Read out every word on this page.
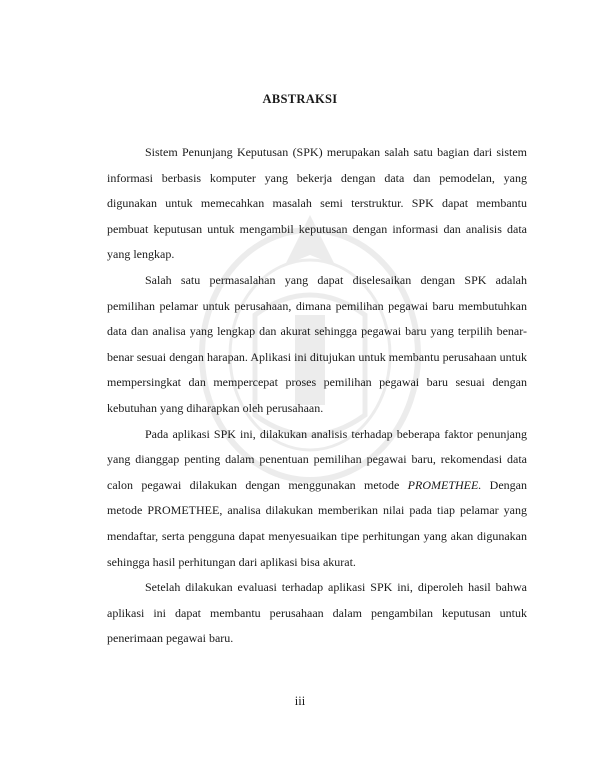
ABSTRAKSI

Sistem Penunjang Keputusan (SPK) merupakan salah satu bagian dari sistem informasi berbasis komputer yang bekerja dengan data dan pemodelan, yang digunakan untuk memecahkan masalah semi terstruktur. SPK dapat membantu pembuat keputusan untuk mengambil keputusan dengan informasi dan analisis data yang lengkap.

Salah satu permasalahan yang dapat diselesaikan dengan SPK adalah pemilihan pelamar untuk perusahaan, dimana pemilihan pegawai baru membutuhkan data dan analisa yang lengkap dan akurat sehingga pegawai baru yang terpilih benar-benar sesuai dengan harapan. Aplikasi ini ditujukan untuk membantu perusahaan untuk mempersingkat dan mempercepat proses pemilihan pegawai baru sesuai dengan kebutuhan yang diharapkan oleh perusahaan.

Pada aplikasi SPK ini, dilakukan analisis terhadap beberapa faktor penunjang yang dianggap penting dalam penentuan pemilihan pegawai baru, rekomendasi data calon pegawai dilakukan dengan menggunakan metode PROMETHEE. Dengan metode PROMETHEE, analisa dilakukan memberikan nilai pada tiap pelamar yang mendaftar, serta pengguna dapat menyesuaikan tipe perhitungan yang akan digunakan sehingga hasil perhitungan dari aplikasi bisa akurat.

Setelah dilakukan evaluasi terhadap aplikasi SPK ini, diperoleh hasil bahwa aplikasi ini dapat membantu perusahaan dalam pengambilan keputusan untuk penerimaan pegawai baru.

iii
